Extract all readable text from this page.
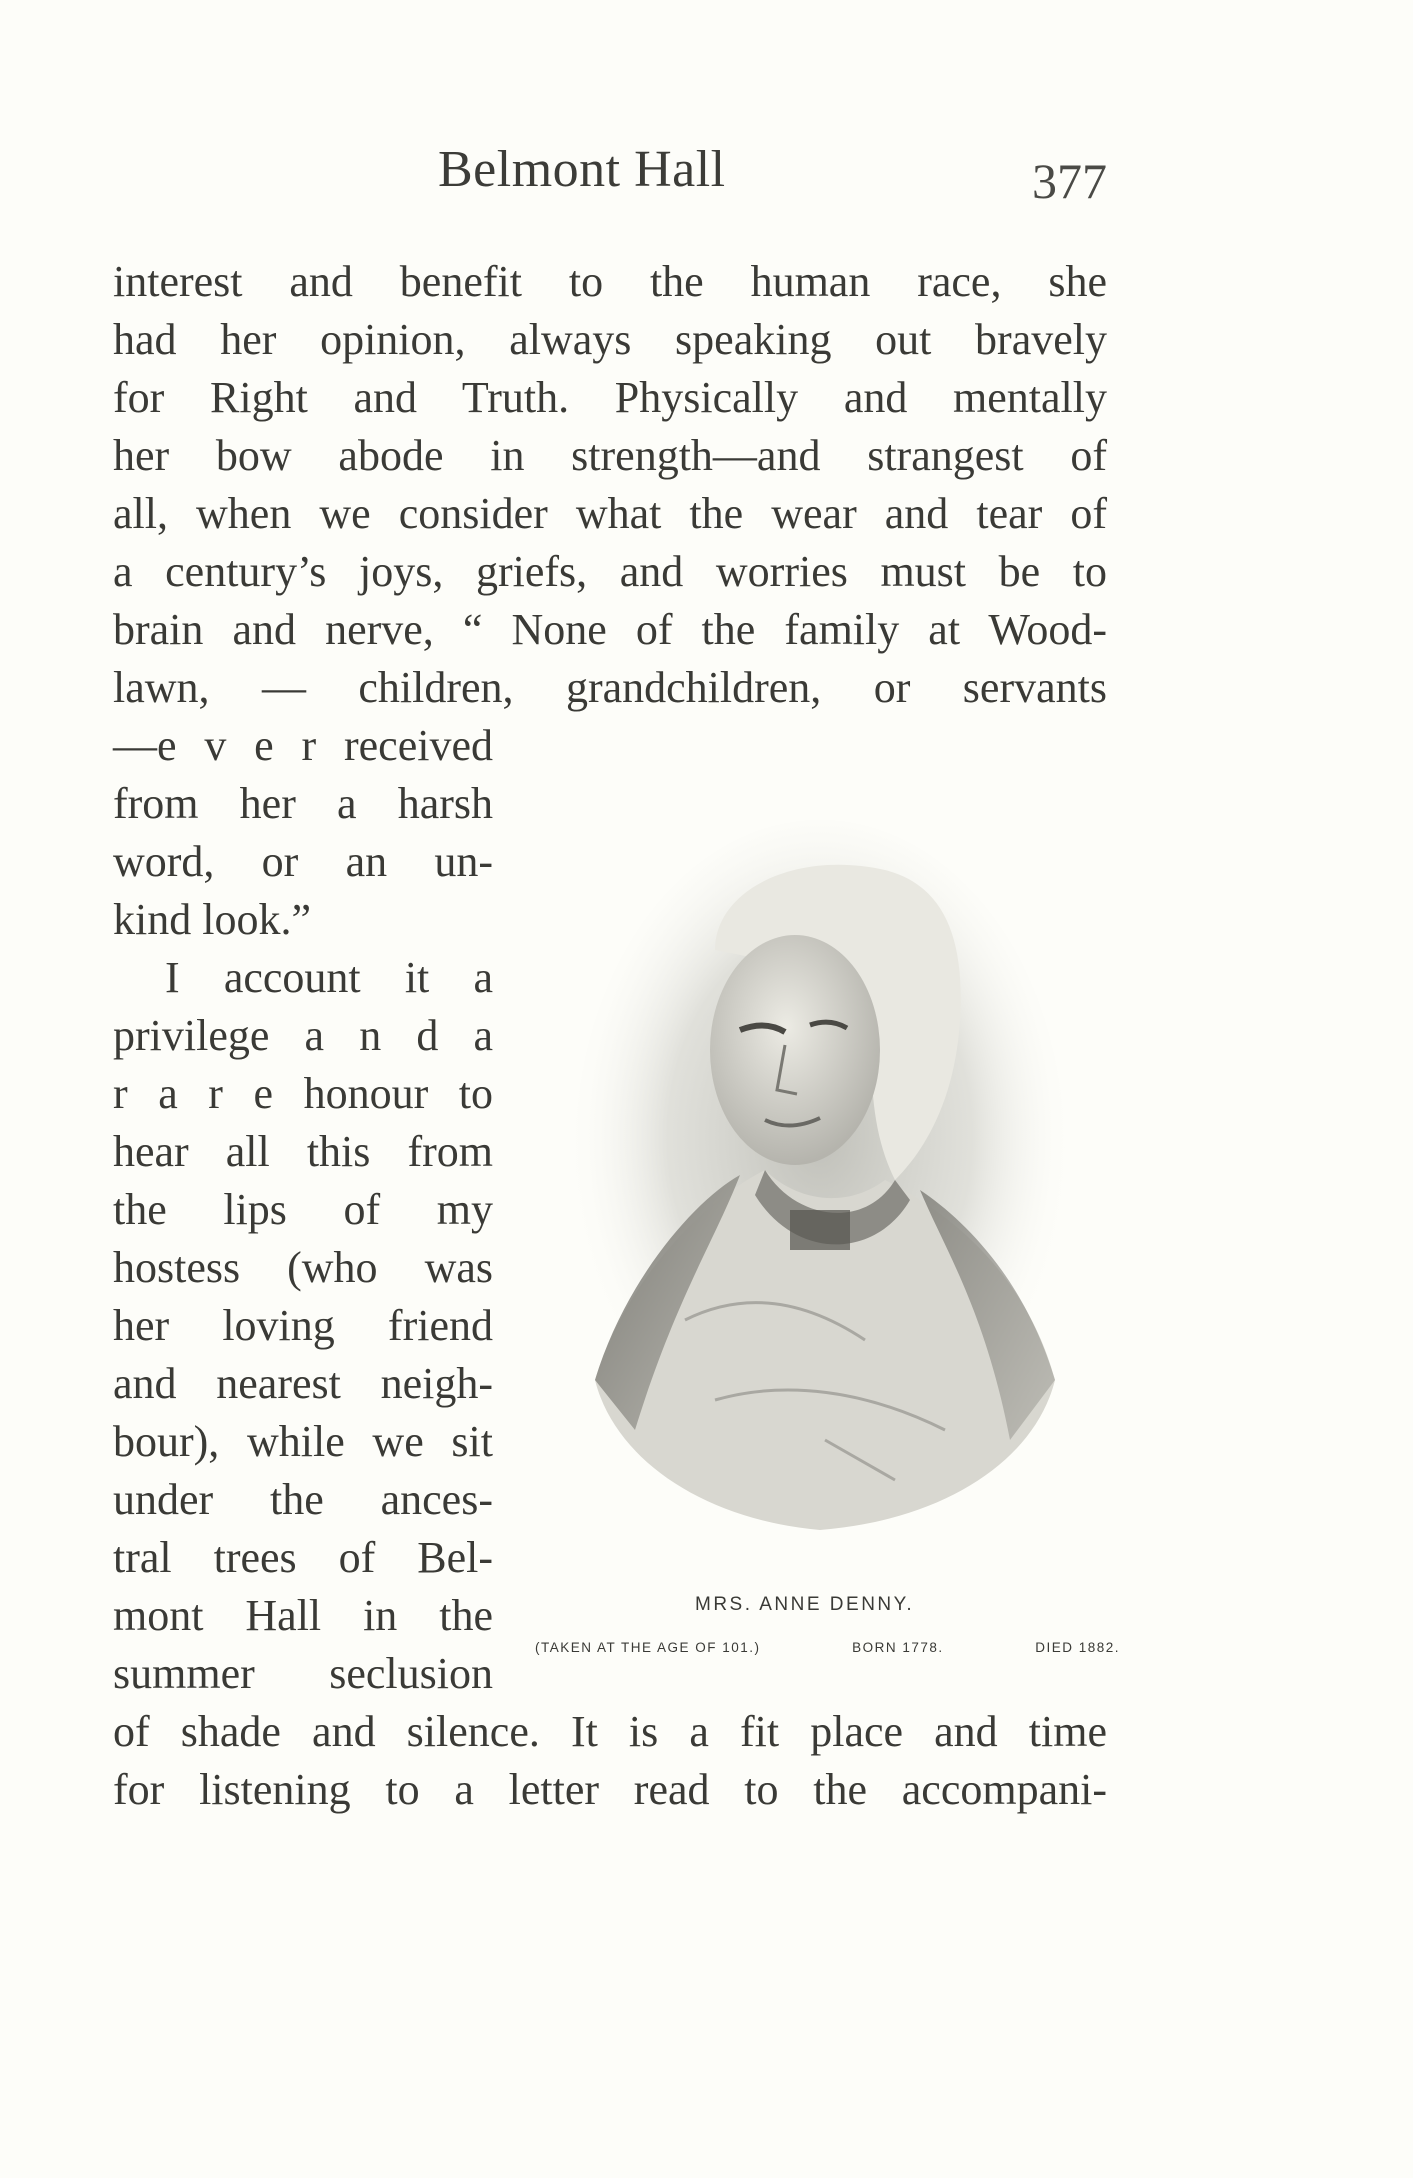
Belmont Hall	377
interest and benefit to the human race, she
had her opinion, always speaking out bravely
for Right and Truth. Physically and mentally
her bow abode in strength—and strangest of
all, when we consider what the wear and tear of
a century’s joys, griefs, and worries must be to
brain and nerve, “ None of the family at Wood-
lawn, — children, grandchildren, or servants
—e v e r received
from her a harsh
word, or an un-
kind look.”
I account it a
privilege a n d a
r a r e honour to
hear all this from
the lips of my
hostess (who was
her loving friend
and nearest neigh-
bour), while we sit
under the ances-
tral trees of Bel-
mont Hall in the
summer seclusion
of shade and silence. It is a fit place and time
for listening to a letter read to the accompani-
MRS. ANNE DENNY.
(TAKEN AT THE AGE OF 101.)	BORN 1778.	DIED 1882.
